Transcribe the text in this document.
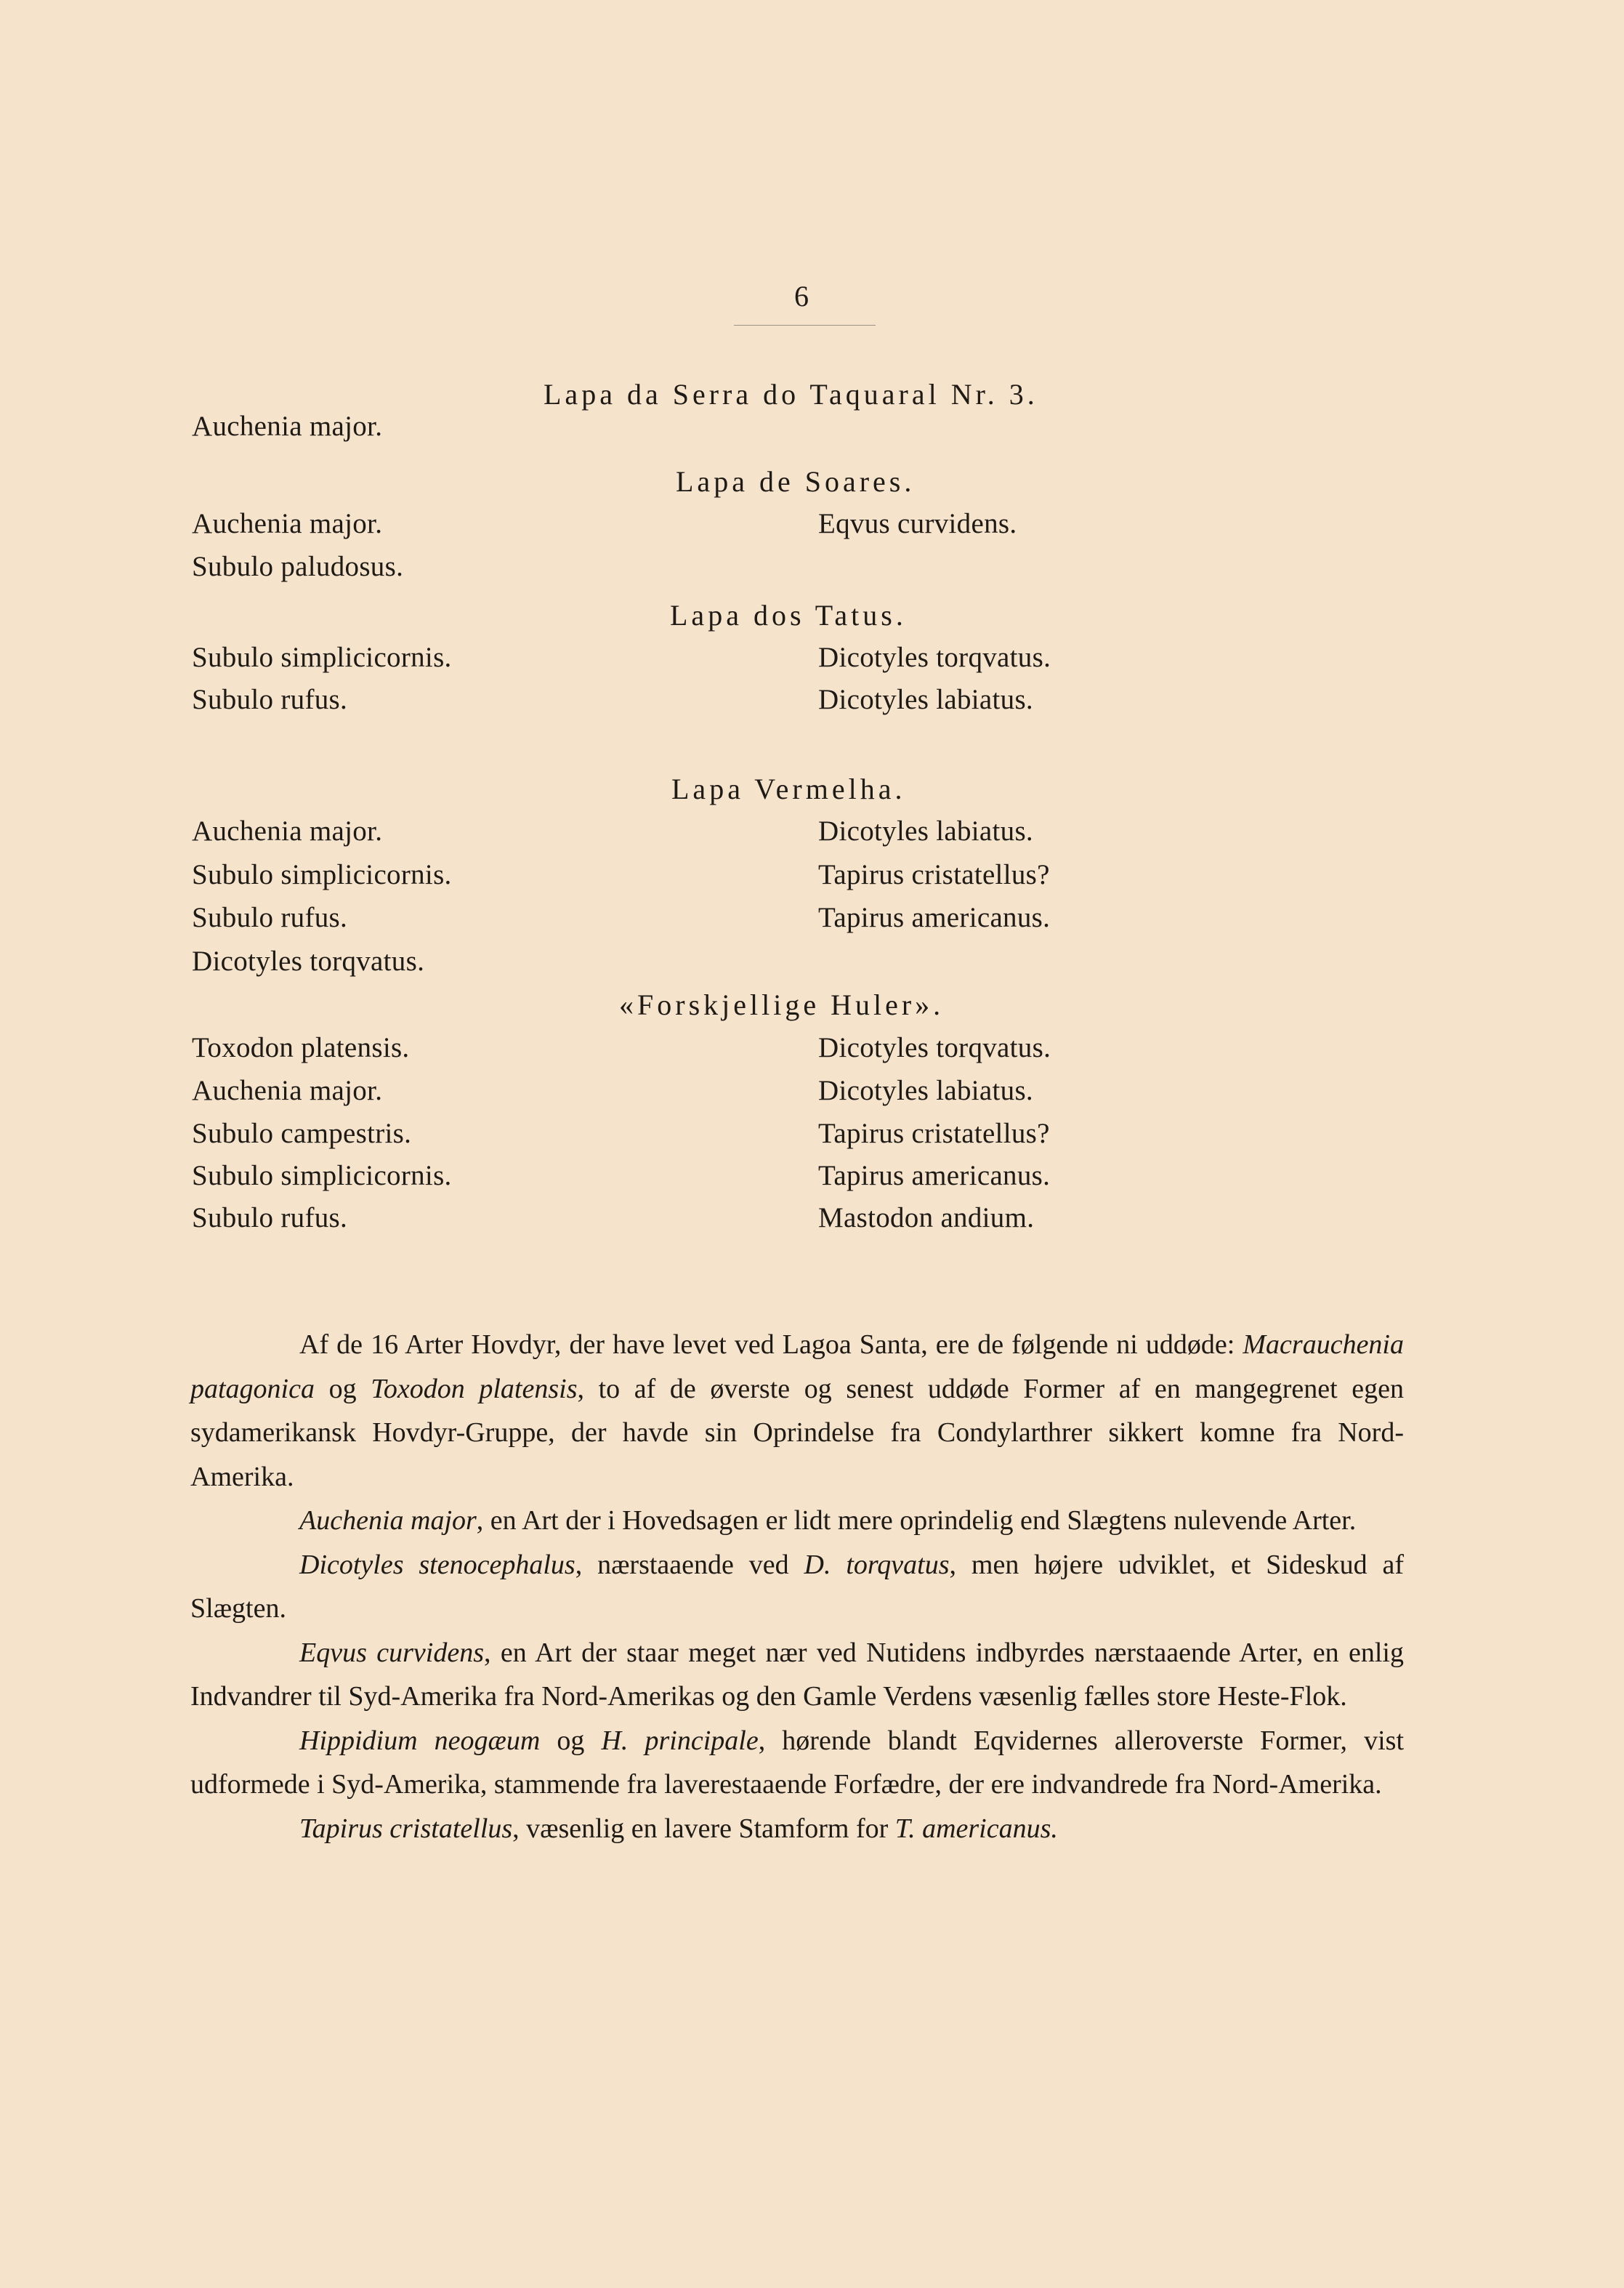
6
Lapa da Serra do Taquaral Nr. 3.
Auchenia major.
Lapa de Soares.
Auchenia major.	Eqvus curvidens.
Subulo paludosus.
Lapa dos Tatus.
Subulo simplicicornis.	Dicotyles torqvatus.
Subulo rufus.	Dicotyles labiatus.
Lapa Vermelha.
Auchenia major.	Dicotyles labiatus.
Subulo simplicicornis.	Tapirus cristatellus?
Subulo rufus.	Tapirus americanus.
Dicotyles torqvatus.
«Forskjellige Huler».
Toxodon platensis.	Dicotyles torqvatus.
Auchenia major.	Dicotyles labiatus.
Subulo campestris.	Tapirus cristatellus?
Subulo simplicicornis.	Tapirus americanus.
Subulo rufus.	Mastodon andium.

Af de 16 Arter Hovdyr, der have levet ved Lagoa Santa, ere de følgende ni uddøde: Macrauchenia patagonica og Toxodon platensis, to af de øverste og senest uddøde Former af en mangegrenet egen sydamerikansk Hovdyr-Gruppe, der havde sin Oprindelse fra Condylarthrer sikkert komne fra Nord-Amerika.

Auchenia major, en Art der i Hovedsagen er lidt mere oprindelig end Slægtens nulevende Arter.

Dicotyles stenocephalus, nærstaaende ved D. torqvatus, men højere udviklet, et Sideskud af Slægten.

Eqvus curvidens, en Art der staar meget nær ved Nutidens indbyrdes nærstaaende Arter, en enlig Indvandrer til Syd-Amerika fra Nord-Amerikas og den Gamle Verdens væsenlig fælles store Heste-Flok.

Hippidium neogæum og H. principale, hørende blandt Eqvidernes alleroverste Former, vist udformede i Syd-Amerika, stammende fra laverestaaende Forfædre, der ere indvandrede fra Nord-Amerika.

Tapirus cristatellus, væsenlig en lavere Stamform for T. americanus.
